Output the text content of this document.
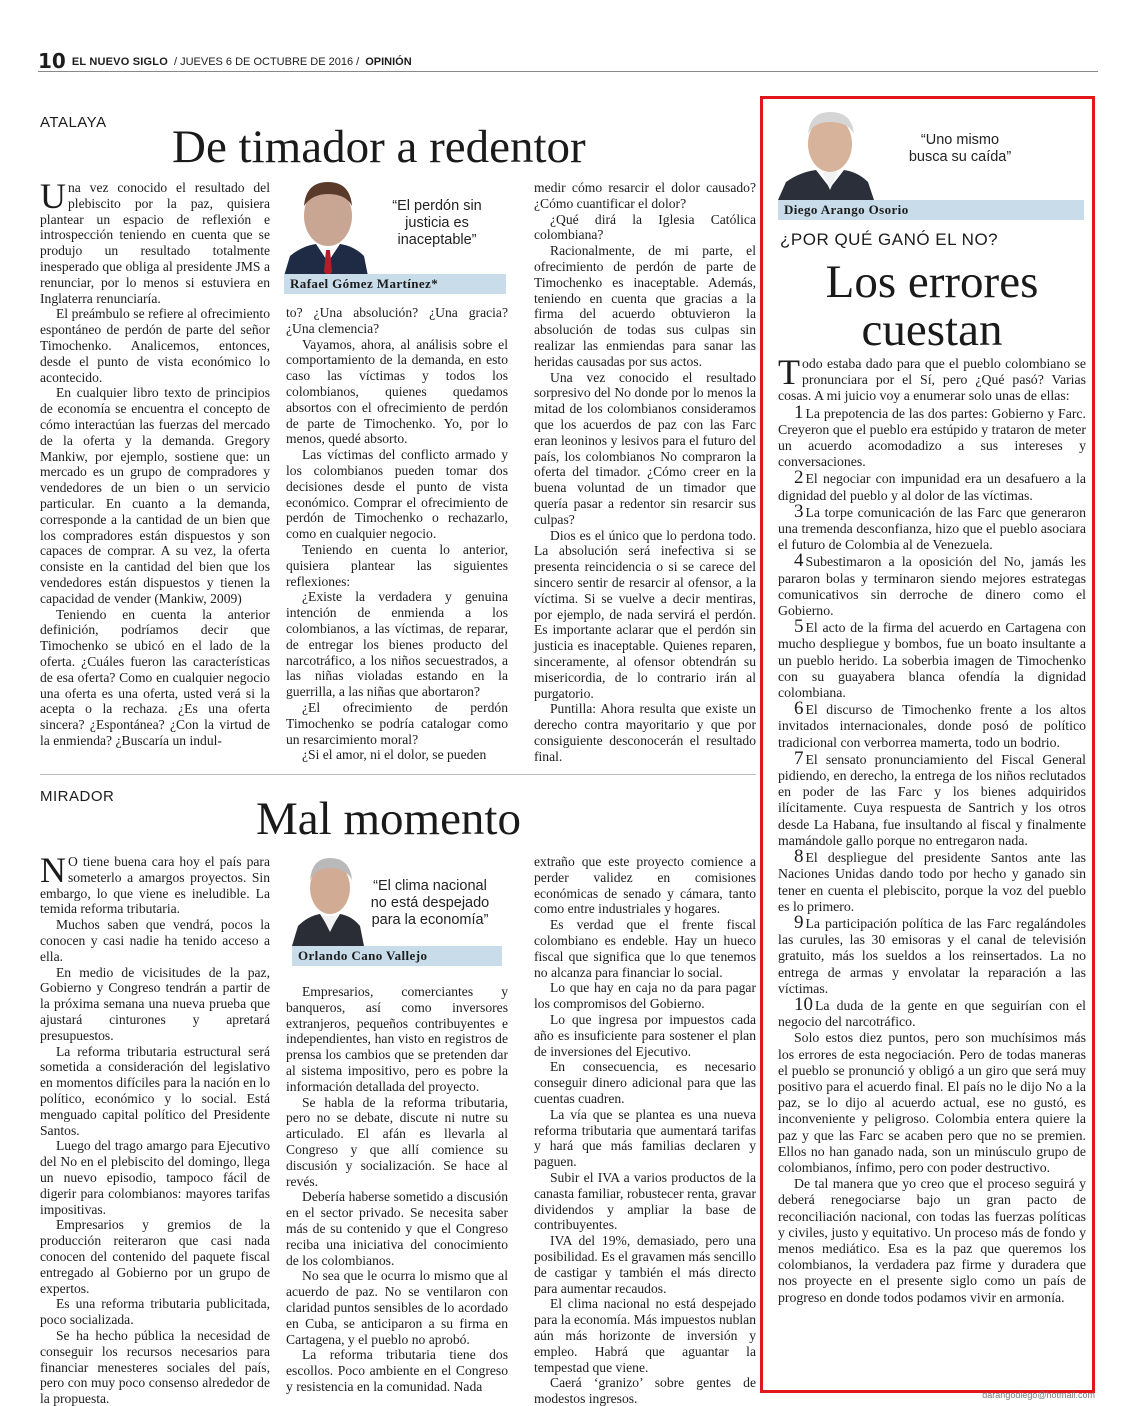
10 EL NUEVO SIGLO / JUEVES 6 DE OCTUBRE DE 2016 / OPINIÓN
ATALAYA De timador a redentor
“El perdón sin justicia es inaceptable”
Rafael Gómez Martínez*

Una vez conocido el resultado del plebiscito por la paz, quisiera plantear un espacio de reflexión e introspección teniendo en cuenta que se produjo un resultado totalmente inesperado que obliga al presidente JMS a renunciar, por lo menos si estuviera en Inglaterra renunciaría.

El preámbulo se refiere al ofrecimiento espontáneo de perdón de parte del señor Timochenko. Analicemos, entonces, desde el punto de vista económico lo acontecido.

En cualquier libro texto de principios de economía se encuentra el concepto de cómo interactúan las fuerzas del mercado de la oferta y la demanda. Gregory Mankiw, por ejemplo, sostiene que: un mercado es un grupo de compradores y vendedores de un bien o un servicio particular. En cuanto a la demanda, corresponde a la cantidad de un bien que los compradores están dispuestos y son capaces de comprar. A su vez, la oferta consiste en la cantidad del bien que los vendedores están dispuestos y tienen la capacidad de vender (Mankiw, 2009)

Teniendo en cuenta la anterior definición, podríamos decir que Timochenko se ubicó en el lado de la oferta. ¿Cuáles fueron las características de esa oferta? Como en cualquier negocio una oferta es una oferta, usted verá si la acepta o la rechaza. ¿Es una oferta sincera? ¿Espontánea? ¿Con la virtud de la enmienda? ¿Buscaría un indul-

to? ¿Una absolución? ¿Una gracia? ¿Una clemencia?

Vayamos, ahora, al análisis sobre el comportamiento de la demanda, en esto caso las víctimas y todos los colombianos, quienes quedamos absortos con el ofrecimiento de perdón de parte de Timochenko. Yo, por lo menos, quedé absorto.

Las víctimas del conflicto armado y los colombianos pueden tomar dos decisiones desde el punto de vista económico. Comprar el ofrecimiento de perdón de Timochenko o rechazarlo, como en cualquier negocio.

Teniendo en cuenta lo anterior, quisiera plantear las siguientes reflexiones:

¿Existe la verdadera y genuina intención de enmienda a los colombianos, a las víctimas, de reparar, de entregar los bienes producto del narcotráfico, a los niños secuestrados, a las niñas violadas estando en la guerrilla, a las niñas que abortaron?

¿El ofrecimiento de perdón Timochenko se podría catalogar como un resarcimiento moral?

¿Si el amor, ni el dolor, se pueden

medir cómo resarcir el dolor causado? ¿Cómo cuantificar el dolor?

¿Qué dirá la Iglesia Católica colombiana?

Racionalmente, de mi parte, el ofrecimiento de perdón de parte de Timochenko es inaceptable. Además, teniendo en cuenta que gracias a la firma del acuerdo obtuvieron la absolución de todas sus culpas sin realizar las enmiendas para sanar las heridas causadas por sus actos.

Una vez conocido el resultado sorpresivo del No donde por lo menos la mitad de los colombianos consideramos que los acuerdos de paz con las Farc eran leoninos y lesivos para el futuro del país, los colombianos No compraron la oferta del timador. ¿Cómo creer en la buena voluntad de un timador que quería pasar a redentor sin resarcir sus culpas?

Dios es el único que lo perdona todo. La absolución será inefectiva si se presenta reincidencia o si se carece del sincero sentir de resarcir al ofensor, a la víctima. Si se vuelve a decir mentiras, por ejemplo, de nada servirá el perdón. Es importante aclarar que el perdón sin justicia es inaceptable. Quienes reparen, sinceramente, al ofensor obtendrán su misericordia, de lo contrario irán al purgatorio.

Puntilla: Ahora resulta que existe un derecho contra mayoritario y que por consiguiente desconocerán el resultado final.

MIRADOR	Mal momento
“El clima nacional no está despejado para la economía”
Orlando Cano Vallejo

N O tiene buena cara hoy el país para someterlo a amargos proyectos. Sin embargo, lo que viene es ineludible. La temida reforma tributaria.

Muchos saben que vendrá, pocos la conocen y casi nadie ha tenido acceso a ella.

En medio de vicisitudes de la paz, Gobierno y Congreso tendrán a partir de la próxima semana una nueva prueba que ajustará cinturones y apretará presupuestos.

La reforma tributaria estructural será sometida a consideración del legislativo en momentos difíciles para la nación en lo político, económico y lo social. Está menguado capital político del Presidente Santos.

Luego del trago amargo para Ejecutivo del No en el plebiscito del domingo, llega un nuevo episodio, tampoco fácil de digerir para colombianos: mayores tarifas impositivas.

Empresarios y gremios de la producción reiteraron que casi nada conocen del contenido del paquete fiscal entregado al Gobierno por un grupo de expertos.

Es una reforma tributaria publicitada, poco socializada.

Se ha hecho pública la necesidad de conseguir los recursos necesarios para financiar menesteres sociales del país, pero con muy poco consenso alrededor de la propuesta.

Empresarios, comerciantes y banqueros, así como inversores extranjeros, pequeños contribuyentes e independientes, han visto en registros de prensa los cambios que se pretenden dar al sistema impositivo, pero es pobre la información detallada del proyecto.

Se habla de la reforma tributaria, pero no se debate, discute ni nutre su articulado. El afán es llevarla al Congreso y que allí comience su discusión y socialización. Se hace al revés.

Debería haberse sometido a discusión en el sector privado. Se necesita saber más de su contenido y que el Congreso reciba una iniciativa del conocimiento de los colombianos.

No sea que le ocurra lo mismo que al acuerdo de paz. No se ventilaron con claridad puntos sensibles de lo acordado en Cuba, se anticiparon a su firma en Cartagena, y el pueblo no aprobó.

La reforma tributaria tiene dos escollos. Poco ambiente en el Congreso y resistencia en la comunidad. Nada

extraño que este proyecto comience a perder validez en comisiones económicas de senado y cámara, tanto como entre industriales y hogares.

Es verdad que el frente fiscal colombiano es endeble. Hay un hueco fiscal que significa que lo que tenemos no alcanza para financiar lo social.

Lo que hay en caja no da para pagar los compromisos del Gobierno.

Lo que ingresa por impuestos cada año es insuficiente para sostener el plan de inversiones del Ejecutivo.

En consecuencia, es necesario conseguir dinero adicional para que las cuentas cuadren.

La vía que se plantea es una nueva reforma tributaria que aumentará tarifas y hará que más familias declaren y paguen.

Subir el IVA a varios productos de la canasta familiar, robustecer renta, gravar dividendos y ampliar la base de contribuyentes.

IVA del 19%, demasiado, pero una posibilidad. Es el gravamen más sencillo de castigar y también el más directo para aumentar recaudos.

El clima nacional no está despejado para la economía. Más impuestos nublan aún más horizonte de inversión y empleo. Habrá que aguantar la tempestad que viene.

Caerá ‘granizo’ sobre gentes de modestos ingresos.

“Uno mismo busca su caída”
Diego Arango Osorio
¿POR QUÉ GANÓ EL NO?
Los errores
cuestan

Todo estaba dado para que el pueblo colombiano se pronunciara por el Sí, pero ¿Qué pasó? Varias cosas. A mi juicio voy a enumerar solo unas de ellas:

1 La prepotencia de las dos partes: Gobierno y Farc. Creyeron que el pueblo era estúpido y trataron de meter un acuerdo acomodadizo a sus intereses y conversaciones.

2 El negociar con impunidad era un desafuero a la dignidad del pueblo y al dolor de las víctimas.

3 La torpe comunicación de las Farc que generaron una tremenda desconfianza, hizo que el pueblo asociara el futuro de Colombia al de Venezuela.

4 Subestimaron a la oposición del No, jamás les pararon bolas y terminaron siendo mejores estrategas comunicativos sin derroche de dinero como el Gobierno.

5 El acto de la firma del acuerdo en Cartagena con mucho despliegue y bombos, fue un boato insultante a un pueblo herido. La soberbia imagen de Timochenko con su guayabera blanca ofendía la dignidad colombiana.

6 El discurso de Timochenko frente a los altos invitados internacionales, donde posó de político tradicional con verborrea mamerta, todo un bodrio.

7 El sensato pronunciamiento del Fiscal General pidiendo, en derecho, la entrega de los niños reclutados en poder de las Farc y los bienes adquiridos ilícitamente. Cuya respuesta de Santrich y los otros desde La Habana, fue insultando al fiscal y finalmente mamándole gallo porque no entregaron nada.

8 El despliegue del presidente Santos ante las Naciones Unidas dando todo por hecho y ganado sin tener en cuenta el plebiscito, porque la voz del pueblo es lo primero.

9 La participación política de las Farc regalándoles las curules, las 30 emisoras y el canal de televisión gratuito, más los sueldos a los reinsertados. La no entrega de armas y envolatar la reparación a las víctimas.

10 La duda de la gente en que seguirían con el negocio del narcotráfico.

Solo estos diez puntos, pero son muchísimos más los errores de esta negociación. Pero de todas maneras el pueblo se pronunció y obligó a un giro que será muy positivo para el acuerdo final. El país no le dijo No a la paz, se lo dijo al acuerdo actual, ese no gustó, es inconveniente y peligroso. Colombia entera quiere la paz y que las Farc se acaben pero que no se premien. Ellos no han ganado nada, son un minúsculo grupo de colombianos, ínfimo, pero con poder destructivo.

De tal manera que yo creo que el proceso seguirá y deberá renegociarse bajo un gran pacto de reconciliación nacional, con todas las fuerzas políticas y civiles, justo y equitativo. Un proceso más de fondo y menos mediático. Esa es la paz que queremos los colombianos, la verdadera paz firme y duradera que nos proyecte en el presente siglo como un país de progreso en donde todos podamos vivir en armonía.

darangodiego@hotmail.com
